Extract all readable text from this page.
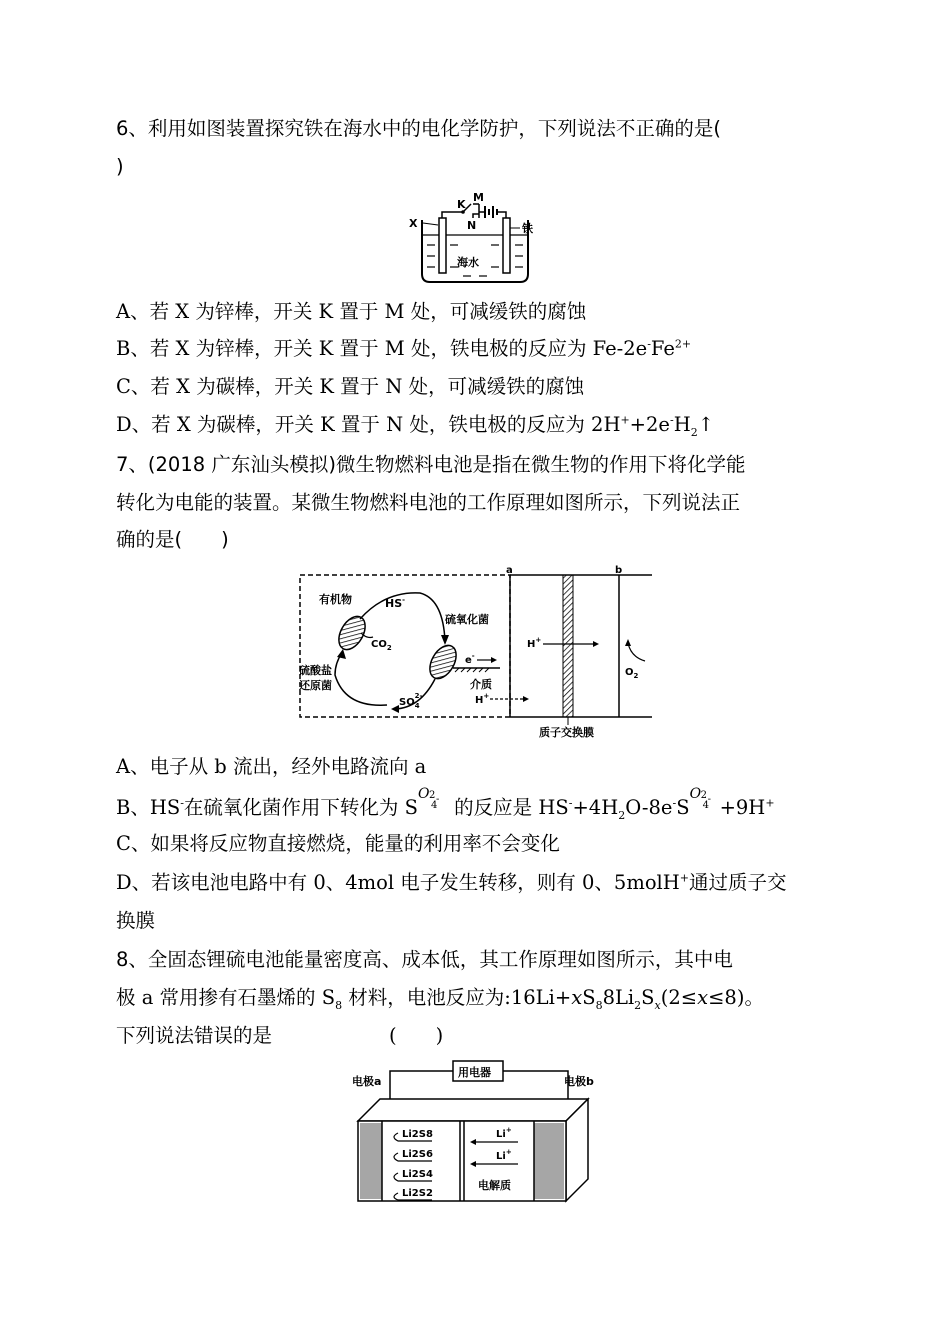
6、利用如图装置探究铁在海水中的电化学防护，下列说法不正确的是(
)
M
K
N
X	铁
海水
A、若 X 为锌棒，开关 K 置于 M 处，可减缓铁的腐蚀
B、若 X 为锌棒，开关 K 置于 M 处，铁电极的反应为 $Fe-2e^-Fe^{2+}$
C、若 X 为碳棒，开关 K 置于 N 处，可减缓铁的腐蚀
D、若 X 为碳棒，开关 K 置于 N 处，铁电极的反应为 $2H^++2e^-H_2↑$
7、(2018 广东汕头模拟)微生物燃料电池是指在微生物的作用下将化学能
转化为电能的装置。某微生物燃料电池的工作原理如图所示，下列说法正
确的是(　　)
a	b
有机物	HS-
$CO_2$
硫氧化菌
硫酸盐
还原菌
e-
介质
$SO_42-$	H+
H+
$O_2$
质子交换膜
A、电子从 b 流出，经外电路流向 a
B、HS-在硫氧化菌作用下转化为 S
O 2 -
4 的反应是 $HS^-+4H_2O-8e^-S$
O 2 -
4 +9H+
C、如果将反应物直接燃烧，能量的利用率不会变化
D、若该电池电路中有 0、4mol 电子发生转移，则有 0、5molH+通过质子交
换膜
8、全固态锂硫电池能量密度高、成本低，其工作原理如图所示，其中电
极 a 常用掺有石墨烯的 $S_8$ 材料，电池反应为$:16Li+xS_88Li_2S_x(2\le x\le 8)$。
下列说法错误的是　　　　　　(　　)
用电器
电极a	电极b
Li2S8
Li2S6
Li2S4
Li2S2
Li+
Li+
电解质
